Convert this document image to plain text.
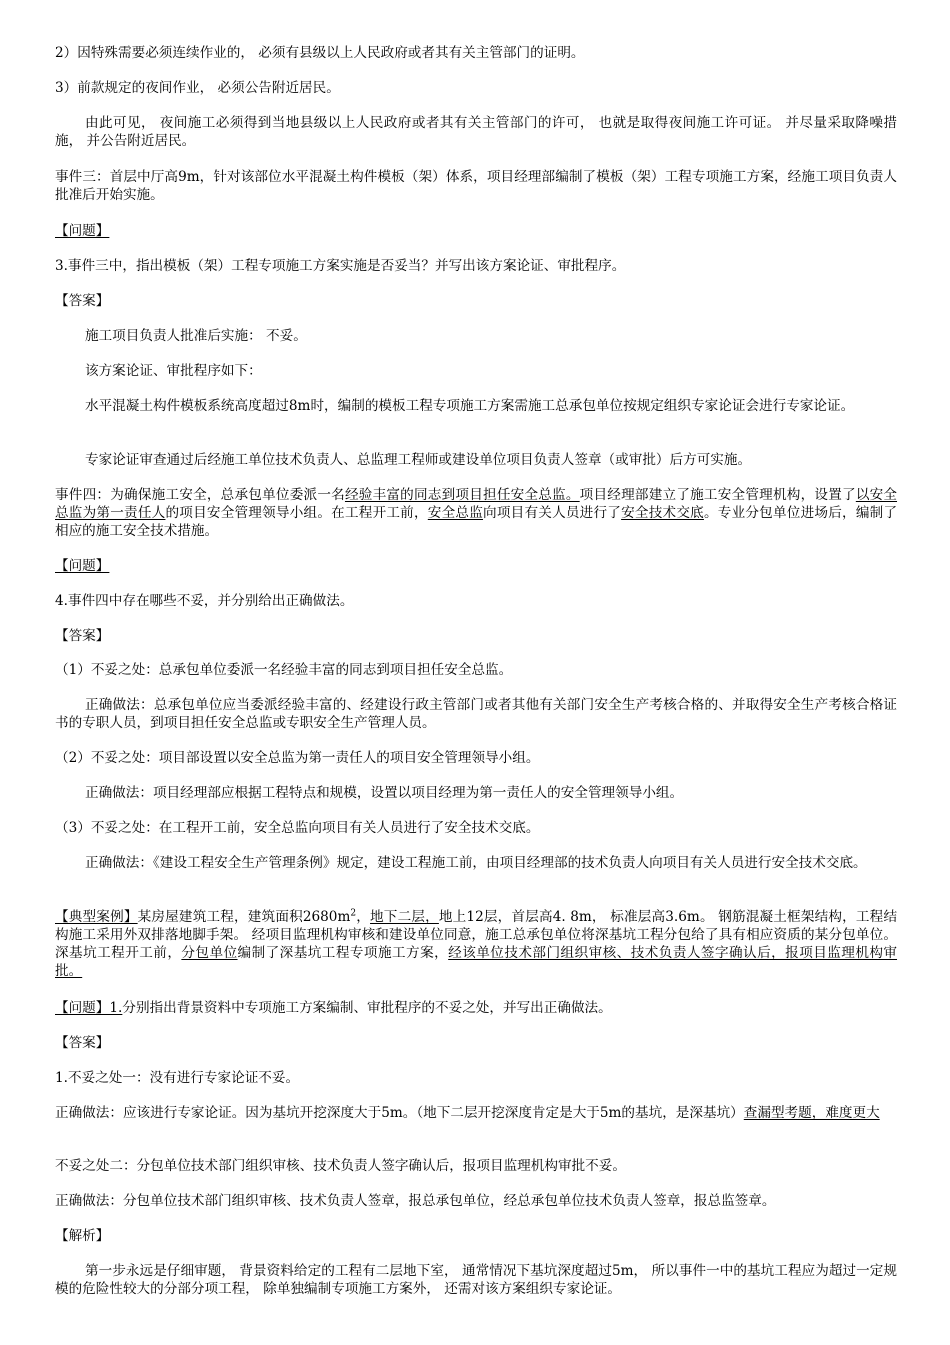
2）因特殊需要必须连续作业的， 必须有县级以上人民政府或者其有关主管部门的证明。

3）前款规定的夜间作业， 必须公告附近居民。

由此可见， 夜间施工必须得到当地县级以上人民政府或者其有关主管部门的许可， 也就是取得夜间施工许可证。 并尽量采取降噪措施， 并公告附近居民。

事件三：首层中厅高9m，针对该部位水平混凝土构件模板（架）体系，项目经理部编制了模板（架）工程专项施工方案，经施工项目负责人批准后开始实施。

【问题】

3.事件三中，指出模板（架）工程专项施工方案实施是否妥当？并写出该方案论证、审批程序。

【答案】

施工项目负责人批准后实施： 不妥。

该方案论证、审批程序如下：

水平混凝土构件模板系统高度超过8m时，编制的模板工程专项施工方案需施工总承包单位按规定组织专家论证会进行专家论证。

专家论证审查通过后经施工单位技术负责人、总监理工程师或建设单位项目负责人签章（或审批）后方可实施。

事件四：为确保施工安全，总承包单位委派一名经验丰富的同志到项目担任安全总监。项目经理部建立了施工安全管理机构，设置了以安全总监为第一责任人的项目安全管理领导小组。在工程开工前，安全总监向项目有关人员进行了安全技术交底。专业分包单位进场后，编制了相应的施工安全技术措施。

【问题】

4.事件四中存在哪些不妥，并分别给出正确做法。

【答案】

（1）不妥之处：总承包单位委派一名经验丰富的同志到项目担任安全总监。

正确做法：总承包单位应当委派经验丰富的、经建设行政主管部门或者其他有关部门安全生产考核合格的、并取得安全生产考核合格证书的专职人员，到项目担任安全总监或专职安全生产管理人员。

（2）不妥之处：项目部设置以安全总监为第一责任人的项目安全管理领导小组。

正确做法：项目经理部应根据工程特点和规模，设置以项目经理为第一责任人的安全管理领导小组。

（3）不妥之处：在工程开工前，安全总监向项目有关人员进行了安全技术交底。

正确做法：《建设工程安全生产管理条例》规定，建设工程施工前，由项目经理部的技术负责人向项目有关人员进行安全技术交底。

【典型案例】某房屋建筑工程，建筑面积$2680m^2$，地下二层，地上12层，首层高4. 8m， 标准层高3.6m。 钢筋混凝土框架结构，工程结构施工采用外双排落地脚手架。 经项目监理机构审核和建设单位同意，施工总承包单位将深基坑工程分包给了具有相应资质的某分包单位。 深基坑工程开工前，分包单位编制了深基坑工程专项施工方案，经该单位技术部门组织审核、技术负责人签字确认后，报项目监理机构审批。

【问题】1.分别指出背景资料中专项施工方案编制、审批程序的不妥之处，并写出正确做法。

【答案】

1.不妥之处一：没有进行专家论证不妥。

正确做法：应该进行专家论证。因为基坑开挖深度大于5m。（地下二层开挖深度肯定是大于5m的基坑，是深基坑）查漏型考题，难度更大

不妥之处二：分包单位技术部门组织审核、技术负责人签字确认后，报项目监理机构审批不妥。

正确做法：分包单位技术部门组织审核、技术负责人签章，报总承包单位，经总承包单位技术负责人签章，报总监签章。

【解析】

第一步永远是仔细审题， 背景资料给定的工程有二层地下室， 通常情况下基坑深度超过5m， 所以事件一中的基坑工程应为超过一定规模的危险性较大的分部分项工程， 除单独编制专项施工方案外， 还需对该方案组织专家论证。
